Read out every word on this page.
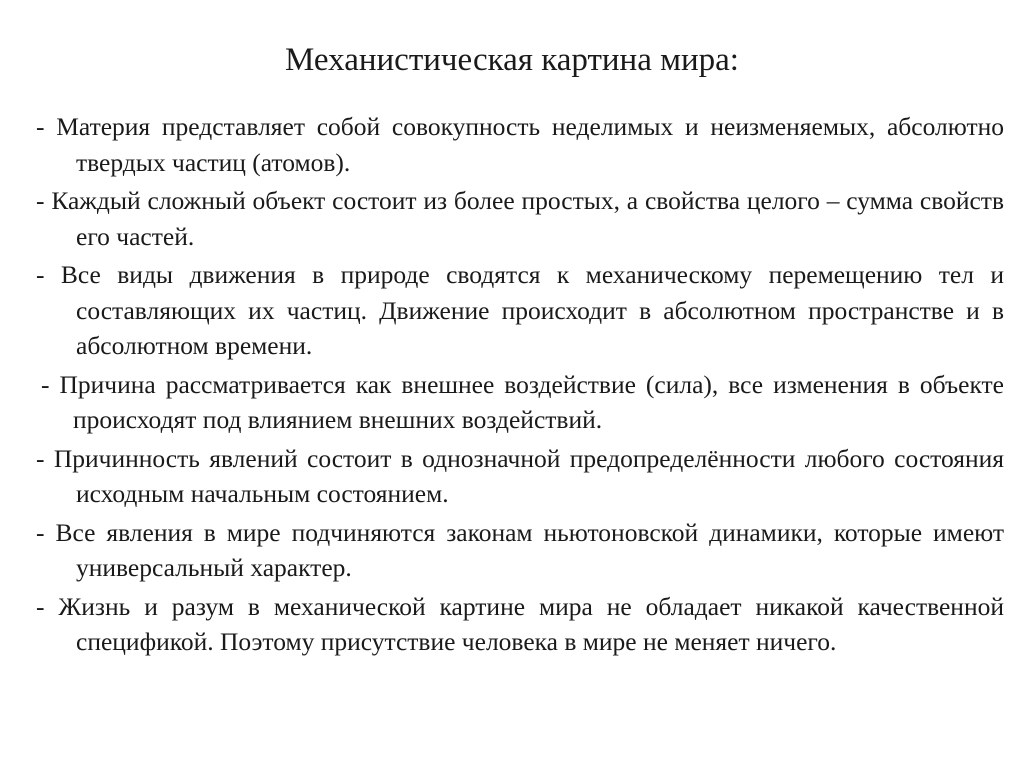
Механистическая картина мира:
- Материя представляет собой совокупность неделимых и неизменяемых, абсолютно твердых частиц (атомов).
- Каждый сложный объект состоит из более простых, а свойства целого – сумма свойств его частей.
- Все виды движения в природе сводятся к механическому перемещению тел и составляющих их частиц. Движение происходит в абсолютном пространстве и в абсолютном времени.
- Причина рассматривается как внешнее воздействие (сила), все изменения в объекте происходят под влиянием внешних воздействий.
- Причинность явлений состоит в однозначной предопределённости любого состояния исходным начальным состоянием.
- Все явления в мире подчиняются законам ньютоновской динамики, которые имеют универсальный характер.
- Жизнь и разум в механической картине мира не обладает никакой качественной спецификой. Поэтому присутствие человека в мире не меняет ничего.
